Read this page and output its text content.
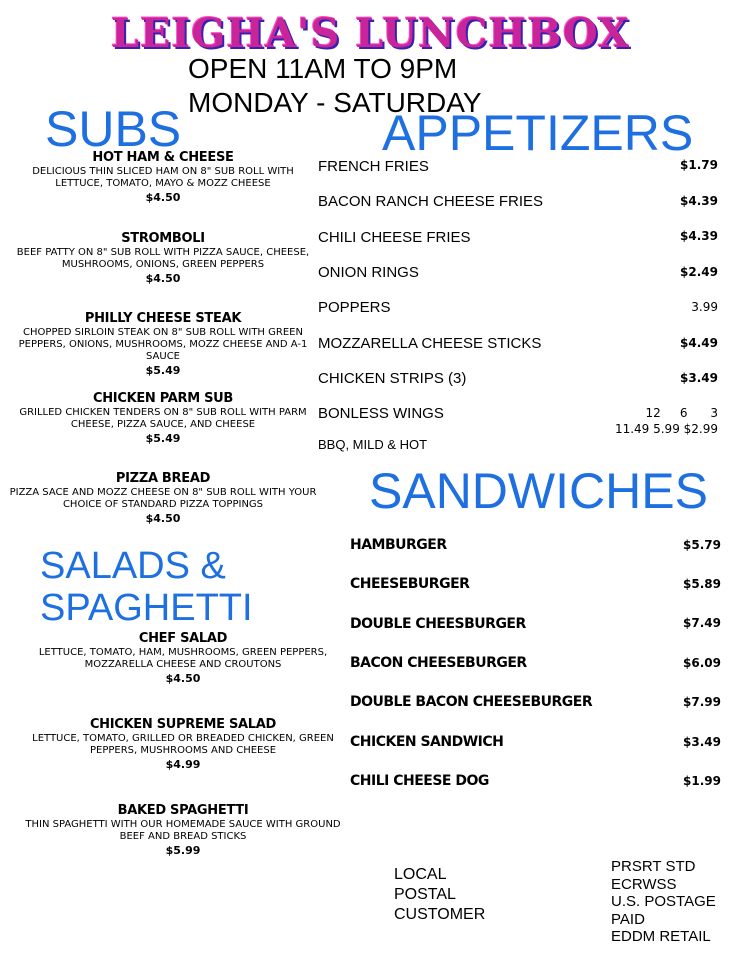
LEIGHA'S LUNCHBOX
OPEN 11AM TO 9PM
MONDAY - SATURDAY
SUBS
HOT HAM & CHEESE
DELICIOUS THIN SLICED HAM ON 8" SUB ROLL WITH LETTUCE, TOMATO, MAYO & MOZZ CHEESE
$4.50
STROMBOLI
BEEF PATTY ON 8" SUB ROLL WITH PIZZA SAUCE, CHEESE, MUSHROOMS, ONIONS, GREEN PEPPERS
$4.50
PHILLY CHEESE STEAK
CHOPPED SIRLOIN STEAK ON 8" SUB ROLL WITH GREEN PEPPERS, ONIONS, MUSHROOMS, MOZZ CHEESE AND A-1 SAUCE
$5.49
CHICKEN PARM SUB
GRILLED CHICKEN TENDERS ON 8" SUB ROLL WITH PARM CHEESE, PIZZA SAUCE, AND CHEESE
$5.49
PIZZA BREAD
PIZZA SACE AND MOZZ CHEESE ON 8" SUB ROLL WITH YOUR CHOICE OF STANDARD PIZZA TOPPINGS
$4.50
SALADS &
SPAGHETTI
CHEF SALAD
LETTUCE, TOMATO, HAM, MUSHROOMS, GREEN PEPPERS, MOZZARELLA CHEESE AND CROUTONS
$4.50
CHICKEN SUPREME SALAD
LETTUCE, TOMATO, GRILLED OR BREADED CHICKEN, GREEN PEPPERS, MUSHROOMS AND CHEESE
$4.99
BAKED SPAGHETTI
THIN SPAGHETTI WITH OUR HOMEMADE SAUCE WITH GROUND BEEF AND BREAD STICKS
$5.99
APPETIZERS
FRENCH FRIES	$1.79
BACON RANCH CHEESE FRIES	$4.39
CHILI CHEESE FRIES	$4.39
ONION RINGS	$2.49
POPPERS	3.99
MOZZARELLA CHEESE STICKS	$4.49
CHICKEN STRIPS (3)	$3.49
BONLESS WINGS	12     6      3
11.49 5.99 $2.99
BBQ, MILD & HOT
SANDWICHES
HAMBURGER	$5.79
CHEESEBURGER	$5.89
DOUBLE CHEESBURGER	$7.49
BACON CHEESEBURGER	$6.09
DOUBLE BACON CHEESEBURGER	$7.99
CHICKEN SANDWICH	$3.49
CHILI CHEESE DOG	$1.99
LOCAL
POSTAL
CUSTOMER
PRSRT STD
ECRWSS
U.S. POSTAGE
PAID
EDDM RETAIL
